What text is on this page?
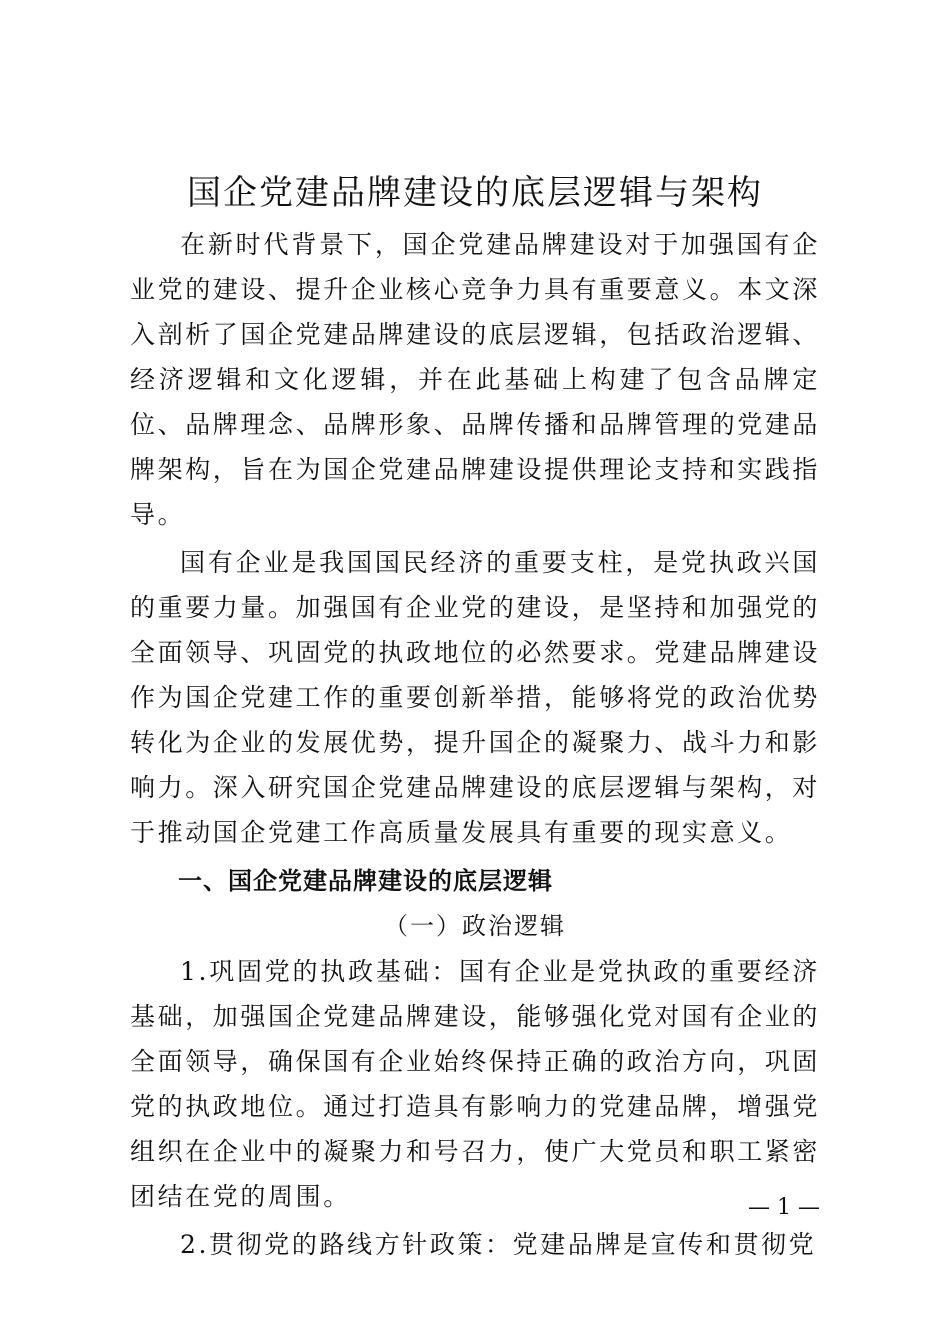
国企党建品牌建设的底层逻辑与架构

在新时代背景下，国企党建品牌建设对于加强国有企业党的建设、提升企业核心竞争力具有重要意义。本文深入剖析了国企党建品牌建设的底层逻辑，包括政治逻辑、经济逻辑和文化逻辑，并在此基础上构建了包含品牌定位、品牌理念、品牌形象、品牌传播和品牌管理的党建品牌架构，旨在为国企党建品牌建设提供理论支持和实践指导。

国有企业是我国国民经济的重要支柱，是党执政兴国的重要力量。加强国有企业党的建设，是坚持和加强党的全面领导、巩固党的执政地位的必然要求。党建品牌建设作为国企党建工作的重要创新举措，能够将党的政治优势转化为企业的发展优势，提升国企的凝聚力、战斗力和影响力。深入研究国企党建品牌建设的底层逻辑与架构，对于推动国企党建工作高质量发展具有重要的现实意义。

一、国企党建品牌建设的底层逻辑
（一）政治逻辑

1.巩固党的执政基础：国有企业是党执政的重要经济基础，加强国企党建品牌建设，能够强化党对国有企业的全面领导，确保国有企业始终保持正确的政治方向，巩固党的执政地位。通过打造具有影响力的党建品牌，增强党组织在企业中的凝聚力和号召力，使广大党员和职工紧密团结在党的周围。

2.贯彻党的路线方针政策：党建品牌是宣传和贯彻党

— 1 —
